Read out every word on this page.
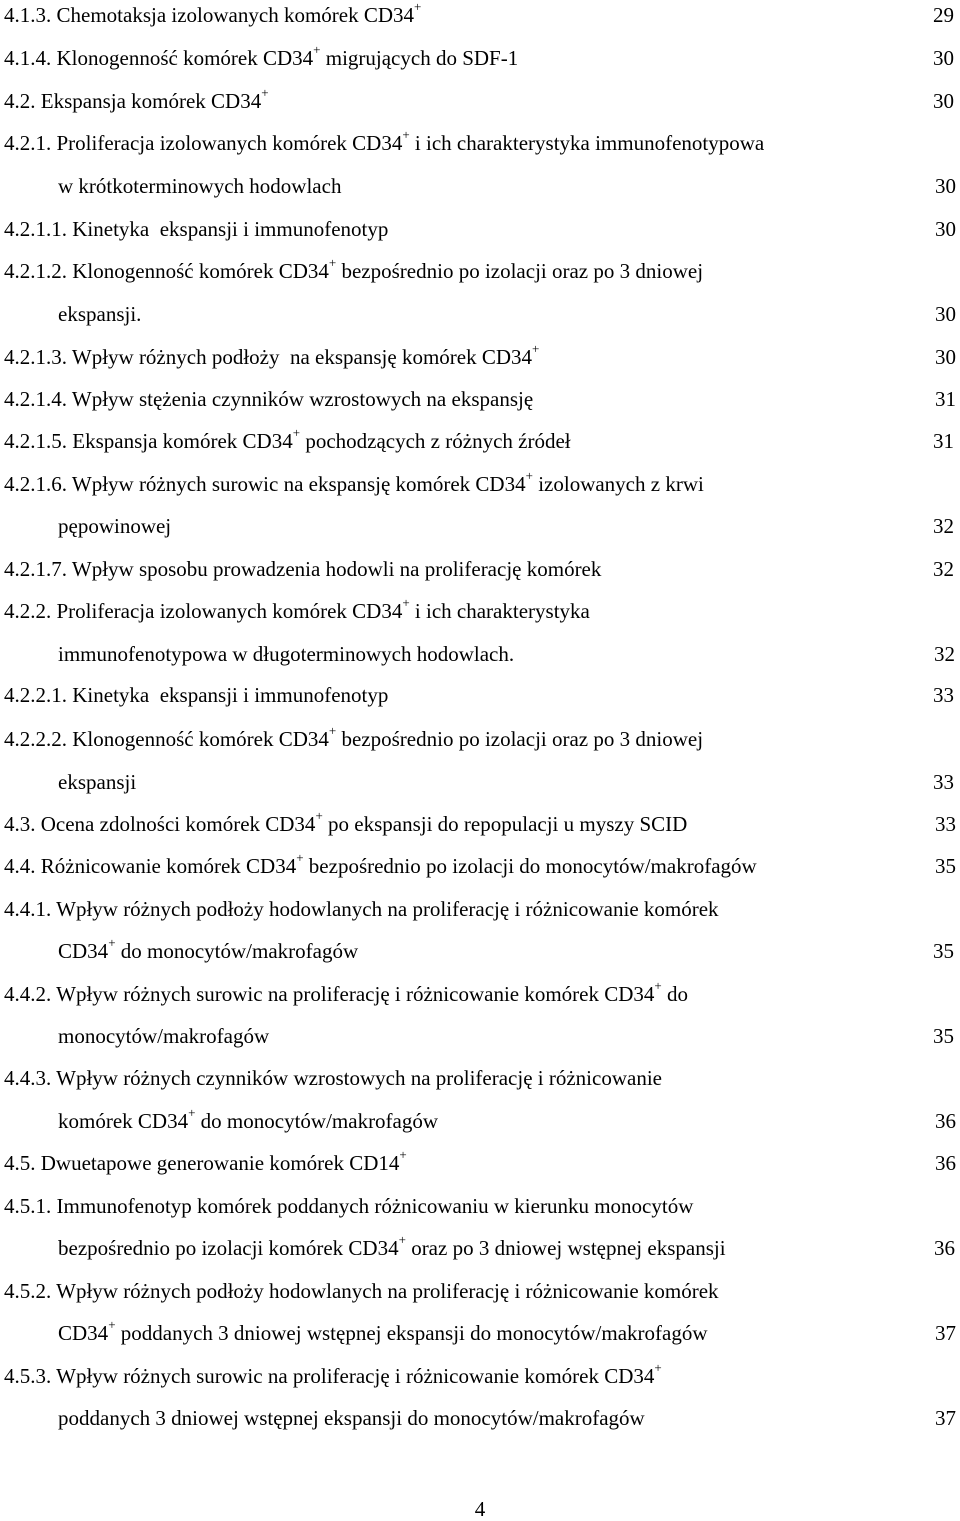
4.1.3. Chemotaksja izolowanych komórek CD34+	29
4.1.4. Klonogenność komórek CD34+ migrujących do SDF-1	30
4.2. Ekspansja komórek CD34+	30
4.2.1. Proliferacja izolowanych komórek CD34+ i ich charakterystyka immunofenotypowa
w krótkoterminowych hodowlach	30
4.2.1.1. Kinetyka  ekspansji i immunofenotyp	30
4.2.1.2. Klonogenność komórek CD34+ bezpośrednio po izolacji oraz po 3 dniowej
ekspansji.	30
4.2.1.3. Wpływ różnych podłoży  na ekspansję komórek CD34+	30
4.2.1.4. Wpływ stężenia czynników wzrostowych na ekspansję	31
4.2.1.5. Ekspansja komórek CD34+ pochodzących z różnych źródeł	31
4.2.1.6. Wpływ różnych surowic na ekspansję komórek CD34+ izolowanych z krwi
pępowinowej	32
4.2.1.7. Wpływ sposobu prowadzenia hodowli na proliferację komórek	32
4.2.2. Proliferacja izolowanych komórek CD34+ i ich charakterystyka
immunofenotypowa w długoterminowych hodowlach.	32
4.2.2.1. Kinetyka  ekspansji i immunofenotyp	33
4.2.2.2. Klonogenność komórek CD34+ bezpośrednio po izolacji oraz po 3 dniowej
ekspansji	33
4.3. Ocena zdolności komórek CD34+ po ekspansji do repopulacji u myszy SCID	33
4.4. Różnicowanie komórek CD34+ bezpośrednio po izolacji do monocytów/makrofagów	35
4.4.1. Wpływ różnych podłoży hodowlanych na proliferację i różnicowanie komórek
CD34+ do monocytów/makrofagów	35
4.4.2. Wpływ różnych surowic na proliferację i różnicowanie komórek CD34+ do
monocytów/makrofagów	35
4.4.3. Wpływ różnych czynników wzrostowych na proliferację i różnicowanie
komórek CD34+ do monocytów/makrofagów	36
4.5. Dwuetapowe generowanie komórek CD14+	36
4.5.1. Immunofenotyp komórek poddanych różnicowaniu w kierunku monocytów
bezpośrednio po izolacji komórek CD34+ oraz po 3 dniowej wstępnej ekspansji	36
4.5.2. Wpływ różnych podłoży hodowlanych na proliferację i różnicowanie komórek
CD34+ poddanych 3 dniowej wstępnej ekspansji do monocytów/makrofagów	37
4.5.3. Wpływ różnych surowic na proliferację i różnicowanie komórek CD34+
poddanych 3 dniowej wstępnej ekspansji do monocytów/makrofagów	37
4
